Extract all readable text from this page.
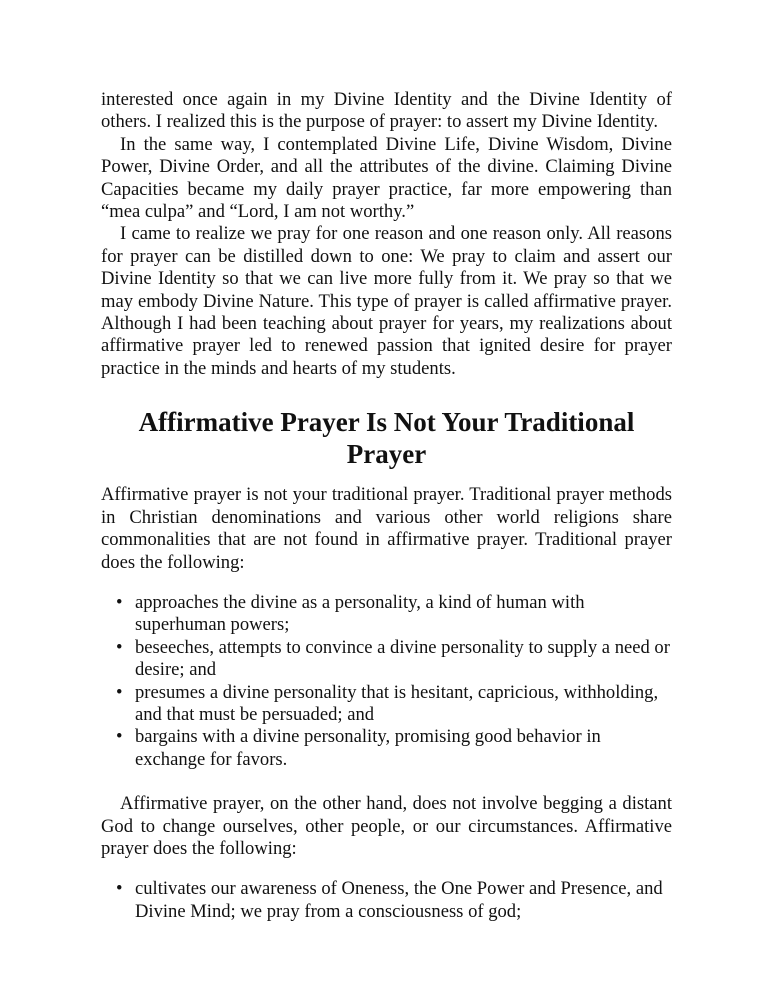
interested once again in my Divine Identity and the Divine Identity of others. I realized this is the purpose of prayer: to assert my Divine Identity.

In the same way, I contemplated Divine Life, Divine Wisdom, Divine Power, Divine Order, and all the attributes of the divine. Claiming Divine Capacities became my daily prayer practice, far more empowering than “mea culpa” and “Lord, I am not worthy.”

I came to realize we pray for one reason and one reason only. All reasons for prayer can be distilled down to one: We pray to claim and assert our Divine Identity so that we can live more fully from it. We pray so that we may embody Divine Nature. This type of prayer is called affirmative prayer. Although I had been teaching about prayer for years, my realizations about affirmative prayer led to renewed passion that ignited desire for prayer practice in the minds and hearts of my students.

Affirmative Prayer Is Not Your Traditional
Prayer

Affirmative prayer is not your traditional prayer. Traditional prayer methods in Christian denominations and various other world religions share commonalities that are not found in affirmative prayer. Traditional prayer does the following:

• approaches the divine as a personality, a kind of human with superhuman powers;
• beseeches, attempts to convince a divine personality to supply a need or desire; and
• presumes a divine personality that is hesitant, capricious, withholding, and that must be persuaded; and
• bargains with a divine personality, promising good behavior in exchange for favors.

Affirmative prayer, on the other hand, does not involve begging a distant God to change ourselves, other people, or our circumstances. Affirmative prayer does the following:

• cultivates our awareness of Oneness, the One Power and Presence, and Divine Mind; we pray from a consciousness of god;
